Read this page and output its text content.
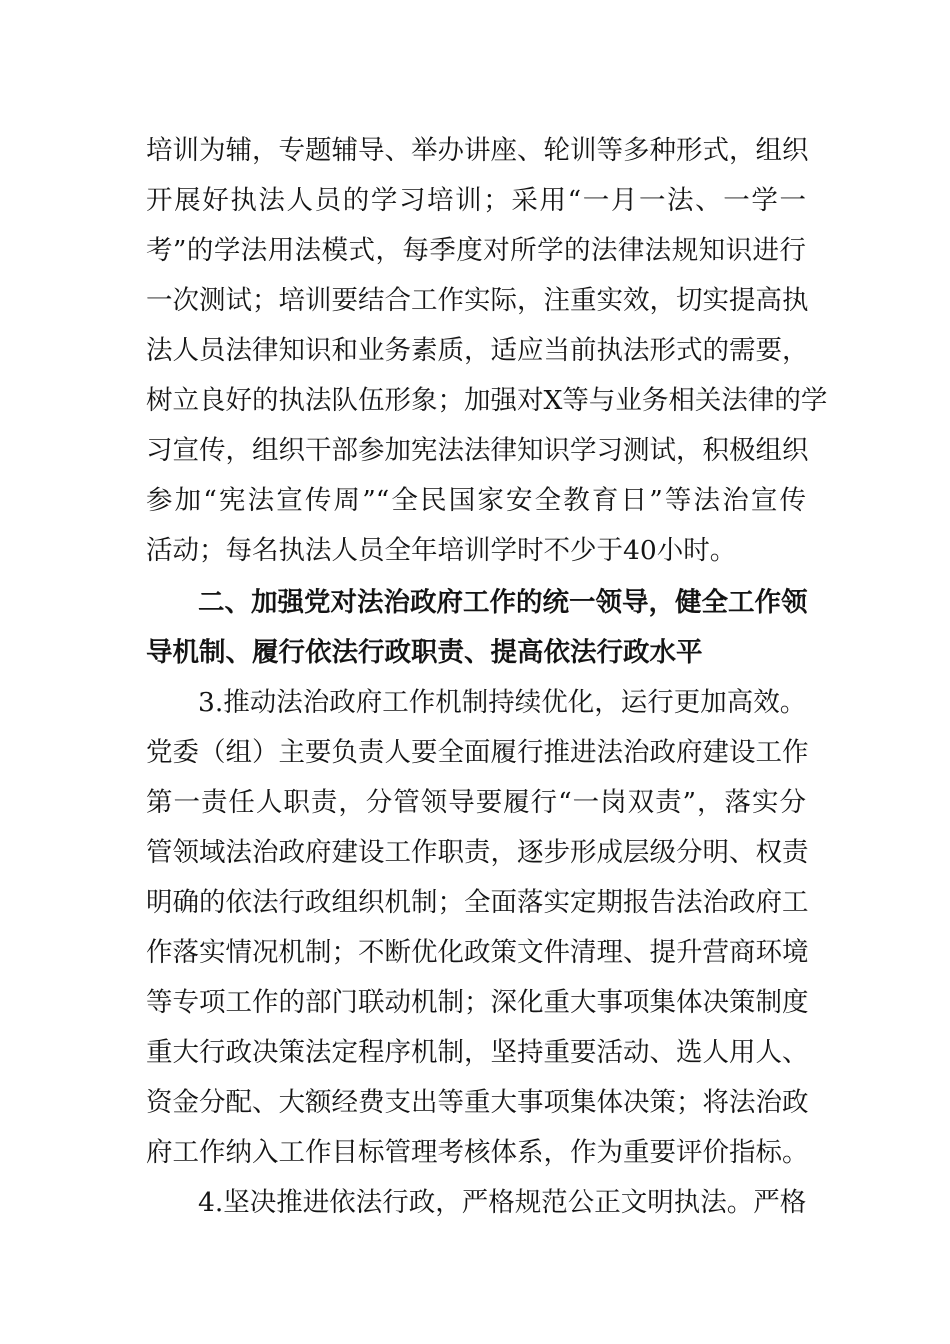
培训为辅，专题辅导、举办讲座、轮训等多种形式，组织
开展好执法人员的学习培训；采用“一月一法、一学一
考”的学法用法模式，每季度对所学的法律法规知识进行
一次测试；培训要结合工作实际，注重实效，切实提高执
法人员法律知识和业务素质，适应当前执法形式的需要，
树立良好的执法队伍形象；加强对X等与业务相关法律的学
习宣传，组织干部参加宪法法律知识学习测试，积极组织
参加“宪法宣传周”“全民国家安全教育日”等法治宣传
活动；每名执法人员全年培训学时不少于40小时。
二、加强党对法治政府工作的统一领导，健全工作领
导机制、履行依法行政职责、提高依法行政水平
3.推动法治政府工作机制持续优化，运行更加高效。
党委（组）主要负责人要全面履行推进法治政府建设工作
第一责任人职责，分管领导要履行“一岗双责”，落实分
管领域法治政府建设工作职责，逐步形成层级分明、权责
明确的依法行政组织机制；全面落实定期报告法治政府工
作落实情况机制；不断优化政策文件清理、提升营商环境
等专项工作的部门联动机制；深化重大事项集体决策制度
重大行政决策法定程序机制，坚持重要活动、选人用人、
资金分配、大额经费支出等重大事项集体决策；将法治政
府工作纳入工作目标管理考核体系，作为重要评价指标。
4.坚决推进依法行政，严格规范公正文明执法。严格
